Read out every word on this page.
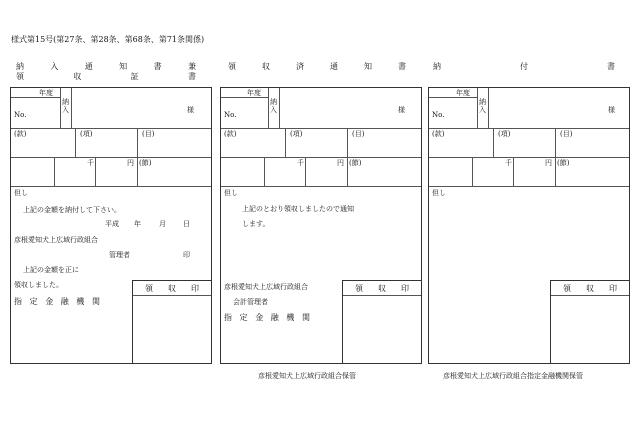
様式第15号(第27条、第28条、第68条、第71条関係)
納	入	通	知	書	兼
領	収	証	書
領	収	済	通	知	書	納	付	書
年度
納入
No.
様
(款)	(項)	(目)
千	円 (節)
但し
上記の金額を納付して下さい。
平成 年	月 日
彦根愛知犬上広域行政組合
管理者	印
上記の金額を正に
領収しました。
指 定 金 融 機 関
領 収 印
年度
納入
No.
様
(款)	(項)	(目)
千	円 (節)
但し
上記のとおり領収しましたので通知
します。
彦根愛知犬上広域行政組合
会計管理者
指 定 金 融 機 関
領 収 印
年度
納入
No.
様
(款)	(項)	(目)
千	円 (節)
但し
領 収 印
彦根愛知犬上広域行政組合保管	彦根愛知犬上広域行政組合指定金融機関保管
